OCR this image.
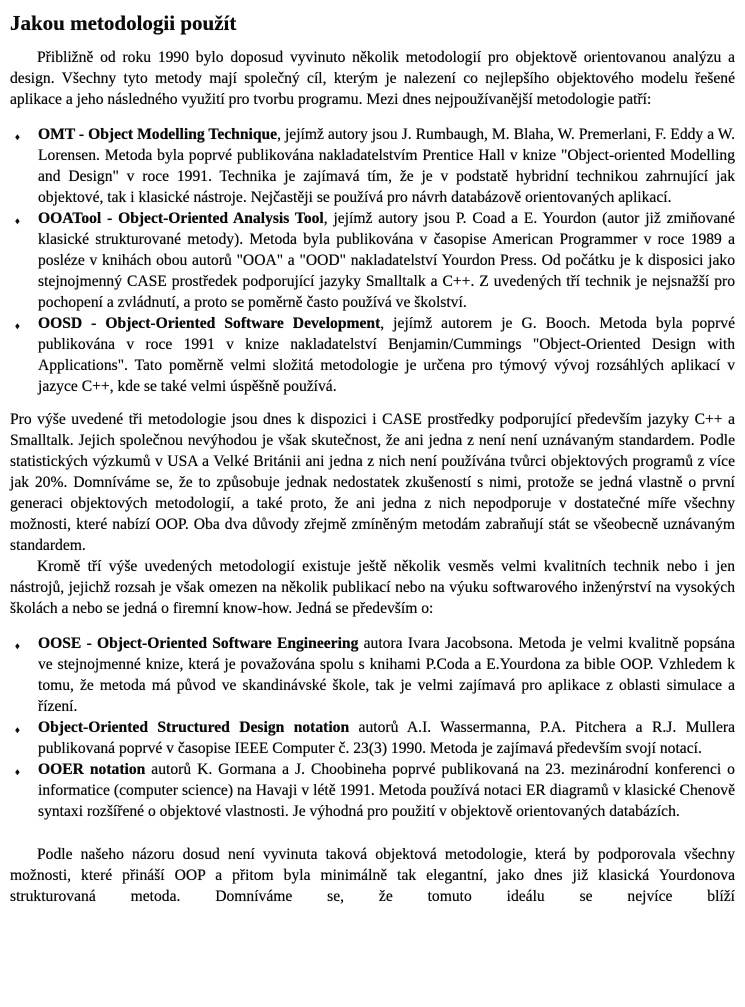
Jakou metodologii použít

Přibližně od roku 1990 bylo doposud vyvinuto několik metodologií pro objektově orientovanou analýzu a design. Všechny tyto metody mají společný cíl, kterým je nalezení co nejlepšího objektového modelu řešené aplikace a jeho následného využití pro tvorbu programu. Mezi dnes nejpoužívanější metodologie patří:

♦	OMT - Object Modelling Technique, jejímž autory jsou J. Rumbaugh, M. Blaha, W. Premerlani, F. Eddy a W. Lorensen. Metoda byla poprvé publikována nakladatelstvím Prentice Hall v knize "Object-oriented Modelling and Design" v roce 1991. Technika je zajímavá tím, že je v podstatě hybridní technikou zahrnující jak objektové, tak i klasické nástroje. Nejčastěji se používá pro návrh databázově orientovaných aplikací.
♦	OOATool - Object-Oriented Analysis Tool, jejímž autory jsou P. Coad a E. Yourdon (autor již zmiňované klasické strukturované metody). Metoda byla publikována v časopise American Programmer v roce 1989 a posléze v knihách obou autorů "OOA" a "OOD" nakladatelství Yourdon Press. Od počátku je k disposici jako stejnojmenný CASE prostředek podporující jazyky Smalltalk a C++. Z uvedených tří technik je nejsnažší pro pochopení a zvládnutí, a proto se poměrně často používá ve školství.
♦	OOSD - Object-Oriented Software Development, jejímž autorem je G. Booch. Metoda byla poprvé publikována v roce 1991 v knize nakladatelství Benjamin/Cummings "Object-Oriented Design with Applications". Tato poměrně velmi složitá metodologie je určena pro týmový vývoj rozsáhlých aplikací v jazyce C++, kde se také velmi úspěšně používá.

Pro výše uvedené tři metodologie jsou dnes k dispozici i CASE prostředky podporující především jazyky C++ a Smalltalk. Jejich společnou nevýhodou je však skutečnost, že ani jedna z není není uznávaným standardem. Podle statistických výzkumů v USA a Velké Británii ani jedna z nich není používána tvůrci objektových programů z více jak 20%. Domníváme se, že to způsobuje jednak nedostatek zkušeností s nimi, protože se jedná vlastně o první generaci objektových metodologií, a také proto, že ani jedna z nich nepodporuje v dostatečné míře všechny možnosti, které nabízí OOP. Oba dva důvody zřejmě zmíněným metodám zabraňují stát se všeobecně uznávaným standardem.

Kromě tří výše uvedených metodologií existuje ještě několik vesměs velmi kvalitních technik nebo i jen nástrojů, jejichž rozsah je však omezen na několik publikací nebo na výuku softwarového inženýrství na vysokých školách a nebo se jedná o firemní know-how. Jedná se především o:

♦	OOSE - Object-Oriented Software Engineering autora Ivara Jacobsona. Metoda je velmi kvalitně popsána ve stejnojmenné knize, která je považována spolu s knihami P.Coda a E.Yourdona za bible OOP. Vzhledem k tomu, že metoda má původ ve skandinávské škole, tak je velmi zajímavá pro aplikace z oblasti simulace a řízení.
♦	Object-Oriented Structured Design notation autorů A.I. Wassermanna, P.A. Pitchera a R.J. Mullera publikovaná poprvé v časopise IEEE Computer č. 23(3) 1990. Metoda je zajímavá především svojí notací.
♦	OOER notation autorů K. Gormana a J. Choobineha poprvé publikovaná na 23. mezinárodní konferenci o informatice (computer science) na Havaji v létě 1991. Metoda používá notaci ER diagramů v klasické Chenově syntaxi rozšířené o objektové vlastnosti. Je výhodná pro použití v objektově orientovaných databázích.

Podle našeho názoru dosud není vyvinuta taková objektová metodologie, která by podporovala všechny možnosti, které přináší OOP a přitom byla minimálně tak elegantní, jako dnes již klasická Yourdonova strukturovaná metoda. Domníváme se, že tomuto ideálu se nejvíce blíží
